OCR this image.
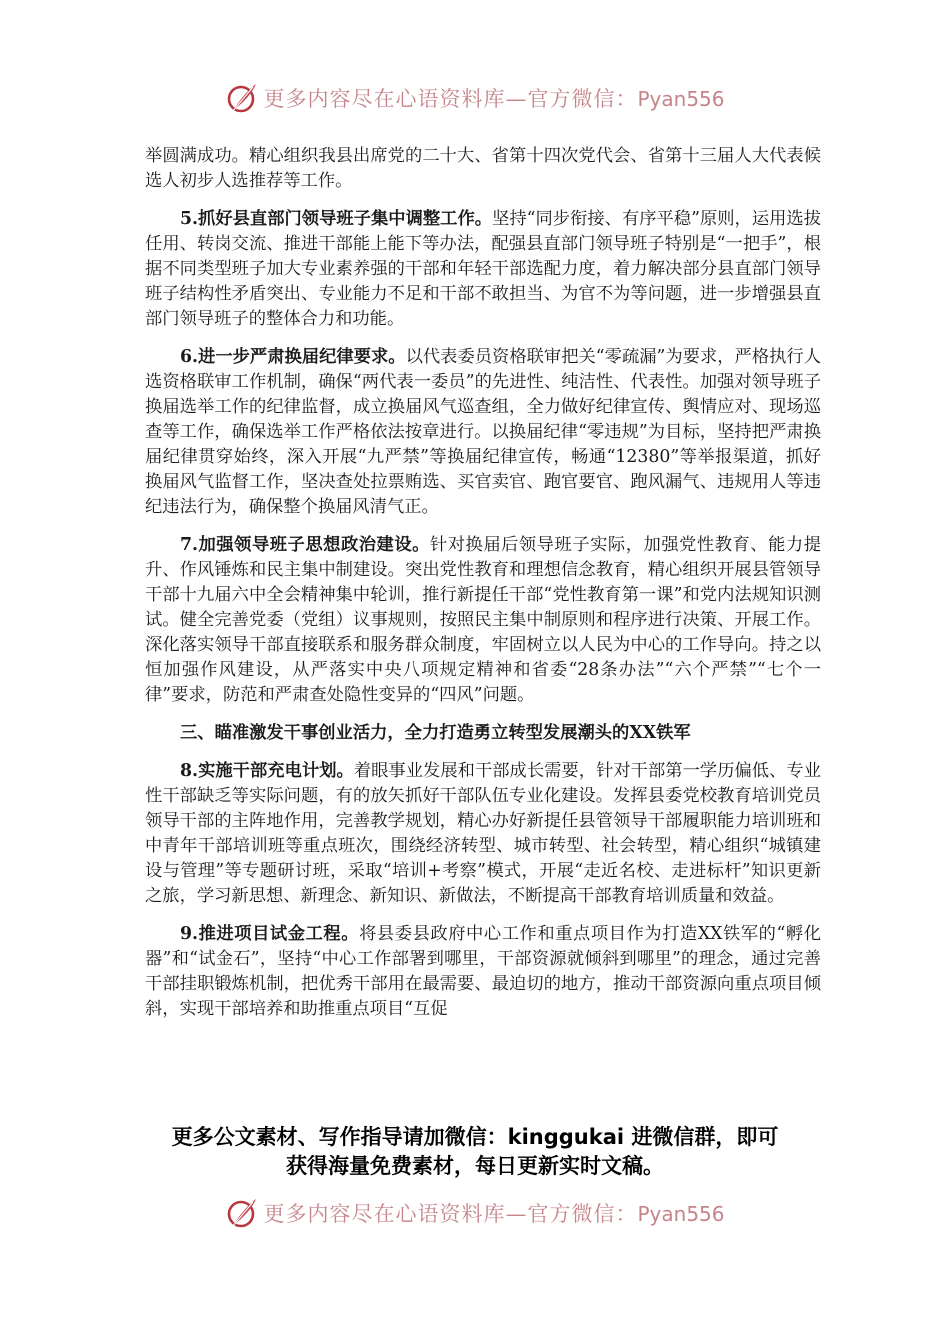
更多内容尽在心语资料库—官方微信：Pyan556

举圆满成功。精心组织我县出席党的二十大、省第十四次党代会、省第十三届人大代表候选人初步人选推荐等工作。

5.抓好县直部门领导班子集中调整工作。坚持“同步衔接、有序平稳”原则，运用选拔任用、转岗交流、推进干部能上能下等办法，配强县直部门领导班子特别是“一把手”，根据不同类型班子加大专业素养强的干部和年轻干部选配力度，着力解决部分县直部门领导班子结构性矛盾突出、专业能力不足和干部不敢担当、为官不为等问题，进一步增强县直部门领导班子的整体合力和功能。

6.进一步严肃换届纪律要求。以代表委员资格联审把关“零疏漏”为要求，严格执行人选资格联审工作机制，确保“两代表一委员”的先进性、纯洁性、代表性。加强对领导班子换届选举工作的纪律监督，成立换届风气巡查组，全力做好纪律宣传、舆情应对、现场巡查等工作，确保选举工作严格依法按章进行。以换届纪律“零违规”为目标，坚持把严肃换届纪律贯穿始终，深入开展“九严禁”等换届纪律宣传，畅通“12380”等举报渠道，抓好换届风气监督工作，坚决查处拉票贿选、买官卖官、跑官要官、跑风漏气、违规用人等违纪违法行为，确保整个换届风清气正。

7.加强领导班子思想政治建设。针对换届后领导班子实际，加强党性教育、能力提升、作风锤炼和民主集中制建设。突出党性教育和理想信念教育，精心组织开展县管领导干部十九届六中全会精神集中轮训，推行新提任干部“党性教育第一课”和党内法规知识测试。健全完善党委（党组）议事规则，按照民主集中制原则和程序进行决策、开展工作。深化落实领导干部直接联系和服务群众制度，牢固树立以人民为中心的工作导向。持之以恒加强作风建设，从严落实中央八项规定精神和省委“28条办法”“六个严禁”“七个一律”要求，防范和严肃查处隐性变异的“四风”问题。

三、瞄准激发干事创业活力，全力打造勇立转型发展潮头的XX铁军

8.实施干部充电计划。着眼事业发展和干部成长需要，针对干部第一学历偏低、专业性干部缺乏等实际问题，有的放矢抓好干部队伍专业化建设。发挥县委党校教育培训党员领导干部的主阵地作用，完善教学规划，精心办好新提任县管领导干部履职能力培训班和中青年干部培训班等重点班次，围绕经济转型、城市转型、社会转型，精心组织“城镇建设与管理”等专题研讨班，采取“培训+考察”模式，开展“走近名校、走进标杆”知识更新之旅，学习新思想、新理念、新知识、新做法，不断提高干部教育培训质量和效益。

9.推进项目试金工程。将县委县政府中心工作和重点项目作为打造XX铁军的“孵化器”和“试金石”，坚持“中心工作部署到哪里，干部资源就倾斜到哪里”的理念，通过完善干部挂职锻炼机制，把优秀干部用在最需要、最迫切的地方，推动干部资源向重点项目倾斜，实现干部培养和助推重点项目“互促

更多公文素材、写作指导请加微信：kinggukai 进微信群，即可
获得海量免费素材，每日更新实时文稿。
更多内容尽在心语资料库—官方微信：Pyan556
